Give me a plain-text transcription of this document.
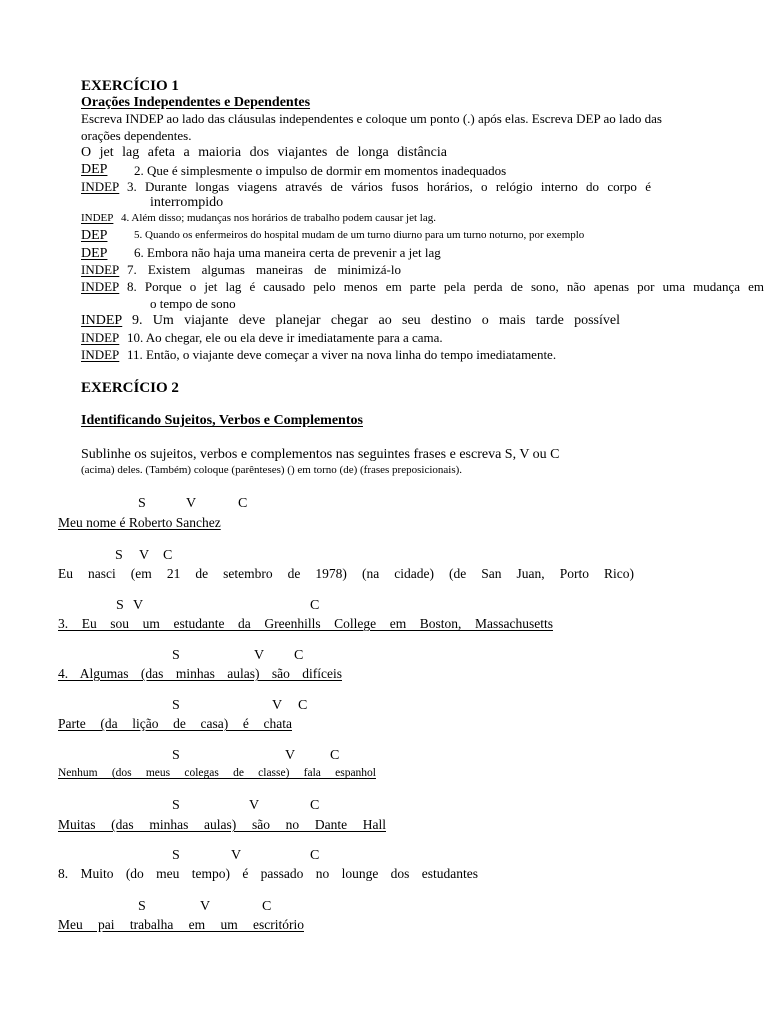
EXERCÍCIO 1
Orações Independentes e Dependentes
Escreva INDEP ao lado das cláusulas independentes e coloque um ponto (.) após elas. Escreva DEP ao lado das
orações dependentes.
O jet lag afeta a maioria dos viajantes de longa distância
DEP 2. Que é simplesmente o impulso de dormir em momentos inadequados
INDEP 3. Durante longas viagens através de vários fusos horários, o relógio interno do corpo é
interrompido
INDEP 4. Além disso; mudanças nos horários de trabalho podem causar jet lag.
DEP 5. Quando os enfermeiros do hospital mudam de um turno diurno para um turno noturno, por exemplo
DEP 6. Embora não haja uma maneira certa de prevenir a jet lag
INDEP 7. Existem algumas maneiras de minimizá-lo
INDEP 8. Porque o jet lag é causado pelo menos em parte pela perda de sono, não apenas por uma mudança em
o tempo de sono
INDEP 9. Um viajante deve planejar chegar ao seu destino o mais tarde possível
INDEP 10. Ao chegar, ele ou ela deve ir imediatamente para a cama.
INDEP 11. Então, o viajante deve começar a viver na nova linha do tempo imediatamente.
EXERCÍCIO 2
Identificando Sujeitos, Verbos e Complementos
Sublinhe os sujeitos, verbos e complementos nas seguintes frases e escreva S, V ou C
(acima) deles. (Também) coloque (parênteses) () em torno (de) (frases preposicionais).
S	V	C
Meu nome é Roberto Sanchez
S V C
Eu nasci (em 21 de setembro de 1978) (na cidade) (de San Juan, Porto Rico)
S V	C
3. Eu sou um estudante da Greenhills College em Boston, Massachusetts
S	V C
4. Algumas (das minhas aulas) são difíceis
S	V C
Parte (da lição de casa) é chata
S	V C
Nenhum (dos meus colegas de classe) fala espanhol
S	V	C
Muitas (das minhas aulas) são no Dante Hall
S	V	C
8. Muito (do meu tempo) é passado no lounge dos estudantes
S	V	C
Meu pai trabalha em um escritório
